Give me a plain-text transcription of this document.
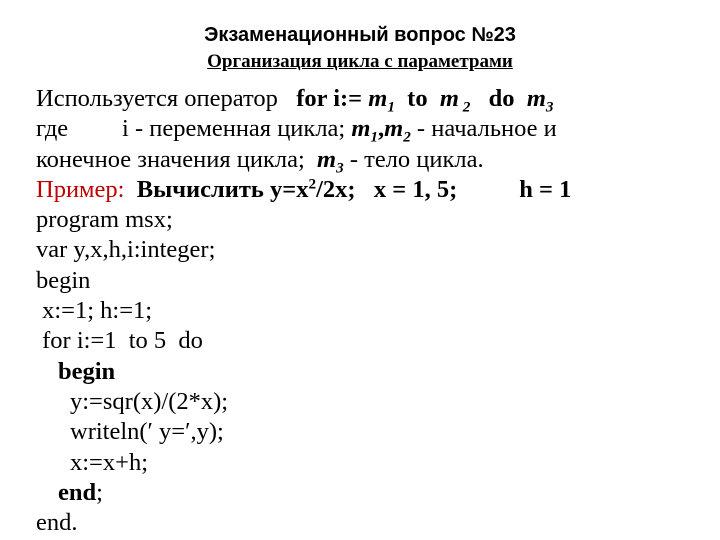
Экзаменационный вопрос №23
Организация цикла с параметрами
Используется оператор   for i:= $m_1$  to  m $_2$   do  $m_3$
где i - переменная цикла; $m_1,m_2$ - начальное и
конечное значения цикла;  $m_3$ - тело цикла.
Пример:  Вычислить $y=x^2/2x$;   x = 1, 5;	h = 1
program msx;
var y,x,h,i:integer;
begin
x:=1; h:=1;
for i:=1  to 5  do
begin
y:=sqr(x)/(2*x);
writeln(′ y=′,y);
x:=x+h;
end;
end.
